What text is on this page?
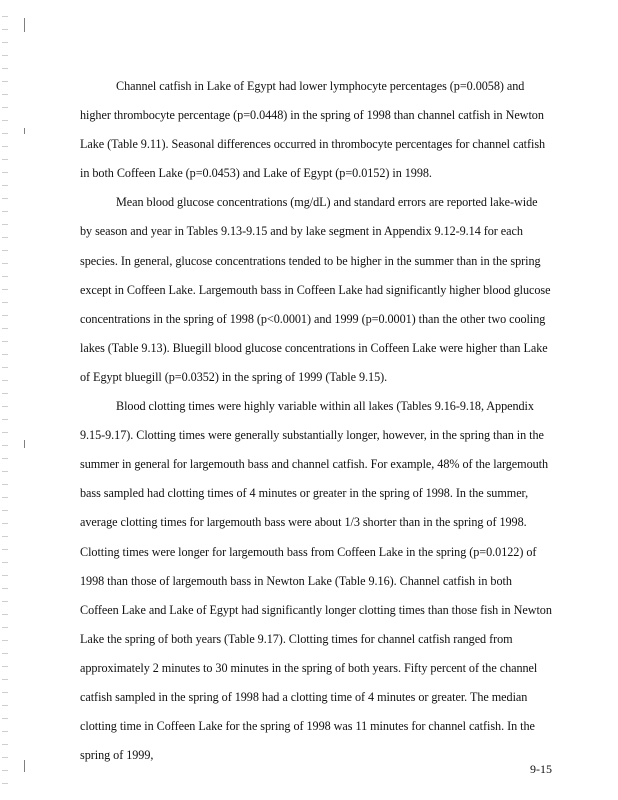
Channel catfish in Lake of Egypt had lower lymphocyte percentages (p=0.0058) and higher thrombocyte percentage (p=0.0448) in the spring of 1998 than channel catfish in Newton Lake (Table 9.11). Seasonal differences occurred in thrombocyte percentages for channel catfish in both Coffeen Lake (p=0.0453) and Lake of Egypt (p=0.0152) in 1998.

Mean blood glucose concentrations (mg/dL) and standard errors are reported lake-wide by season and year in Tables 9.13-9.15 and by lake segment in Appendix 9.12-9.14 for each species. In general, glucose concentrations tended to be higher in the summer than in the spring except in Coffeen Lake. Largemouth bass in Coffeen Lake had significantly higher blood glucose concentrations in the spring of 1998 (p<0.0001) and 1999 (p=0.0001) than the other two cooling lakes (Table 9.13). Bluegill blood glucose concentrations in Coffeen Lake were higher than Lake of Egypt bluegill (p=0.0352) in the spring of 1999 (Table 9.15).

Blood clotting times were highly variable within all lakes (Tables 9.16-9.18, Appendix 9.15-9.17). Clotting times were generally substantially longer, however, in the spring than in the summer in general for largemouth bass and channel catfish. For example, 48% of the largemouth bass sampled had clotting times of 4 minutes or greater in the spring of 1998. In the summer, average clotting times for largemouth bass were about 1/3 shorter than in the spring of 1998. Clotting times were longer for largemouth bass from Coffeen Lake in the spring (p=0.0122) of 1998 than those of largemouth bass in Newton Lake (Table 9.16). Channel catfish in both Coffeen Lake and Lake of Egypt had significantly longer clotting times than those fish in Newton Lake the spring of both years (Table 9.17). Clotting times for channel catfish ranged from approximately 2 minutes to 30 minutes in the spring of both years. Fifty percent of the channel catfish sampled in the spring of 1998 had a clotting time of 4 minutes or greater. The median clotting time in Coffeen Lake for the spring of 1998 was 11 minutes for channel catfish. In the spring of 1999,

9-15
